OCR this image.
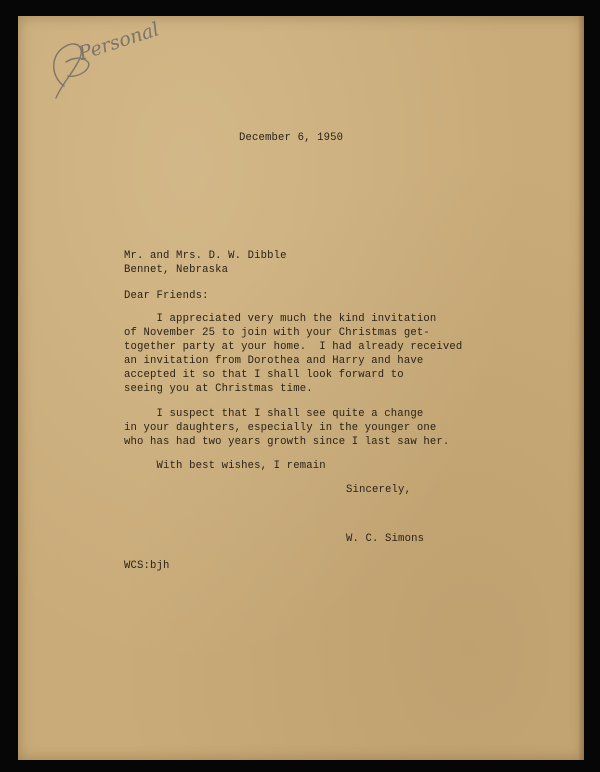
Personal

December 6, 1950

Mr. and Mrs. D. W. Dibble

Bennet, Nebraska

Dear Friends:

I appreciated very much the kind invitation

of November 25 to join with your Christmas get-

together party at your home.  I had already received

an invitation from Dorothea and Harry and have

accepted it so that I shall look forward to

seeing you at Christmas time.

I suspect that I shall see quite a change

in your daughters, especially in the younger one

who has had two years growth since I last saw her.

With best wishes, I remain

Sincerely,

W. C. Simons

WCS:bjh
